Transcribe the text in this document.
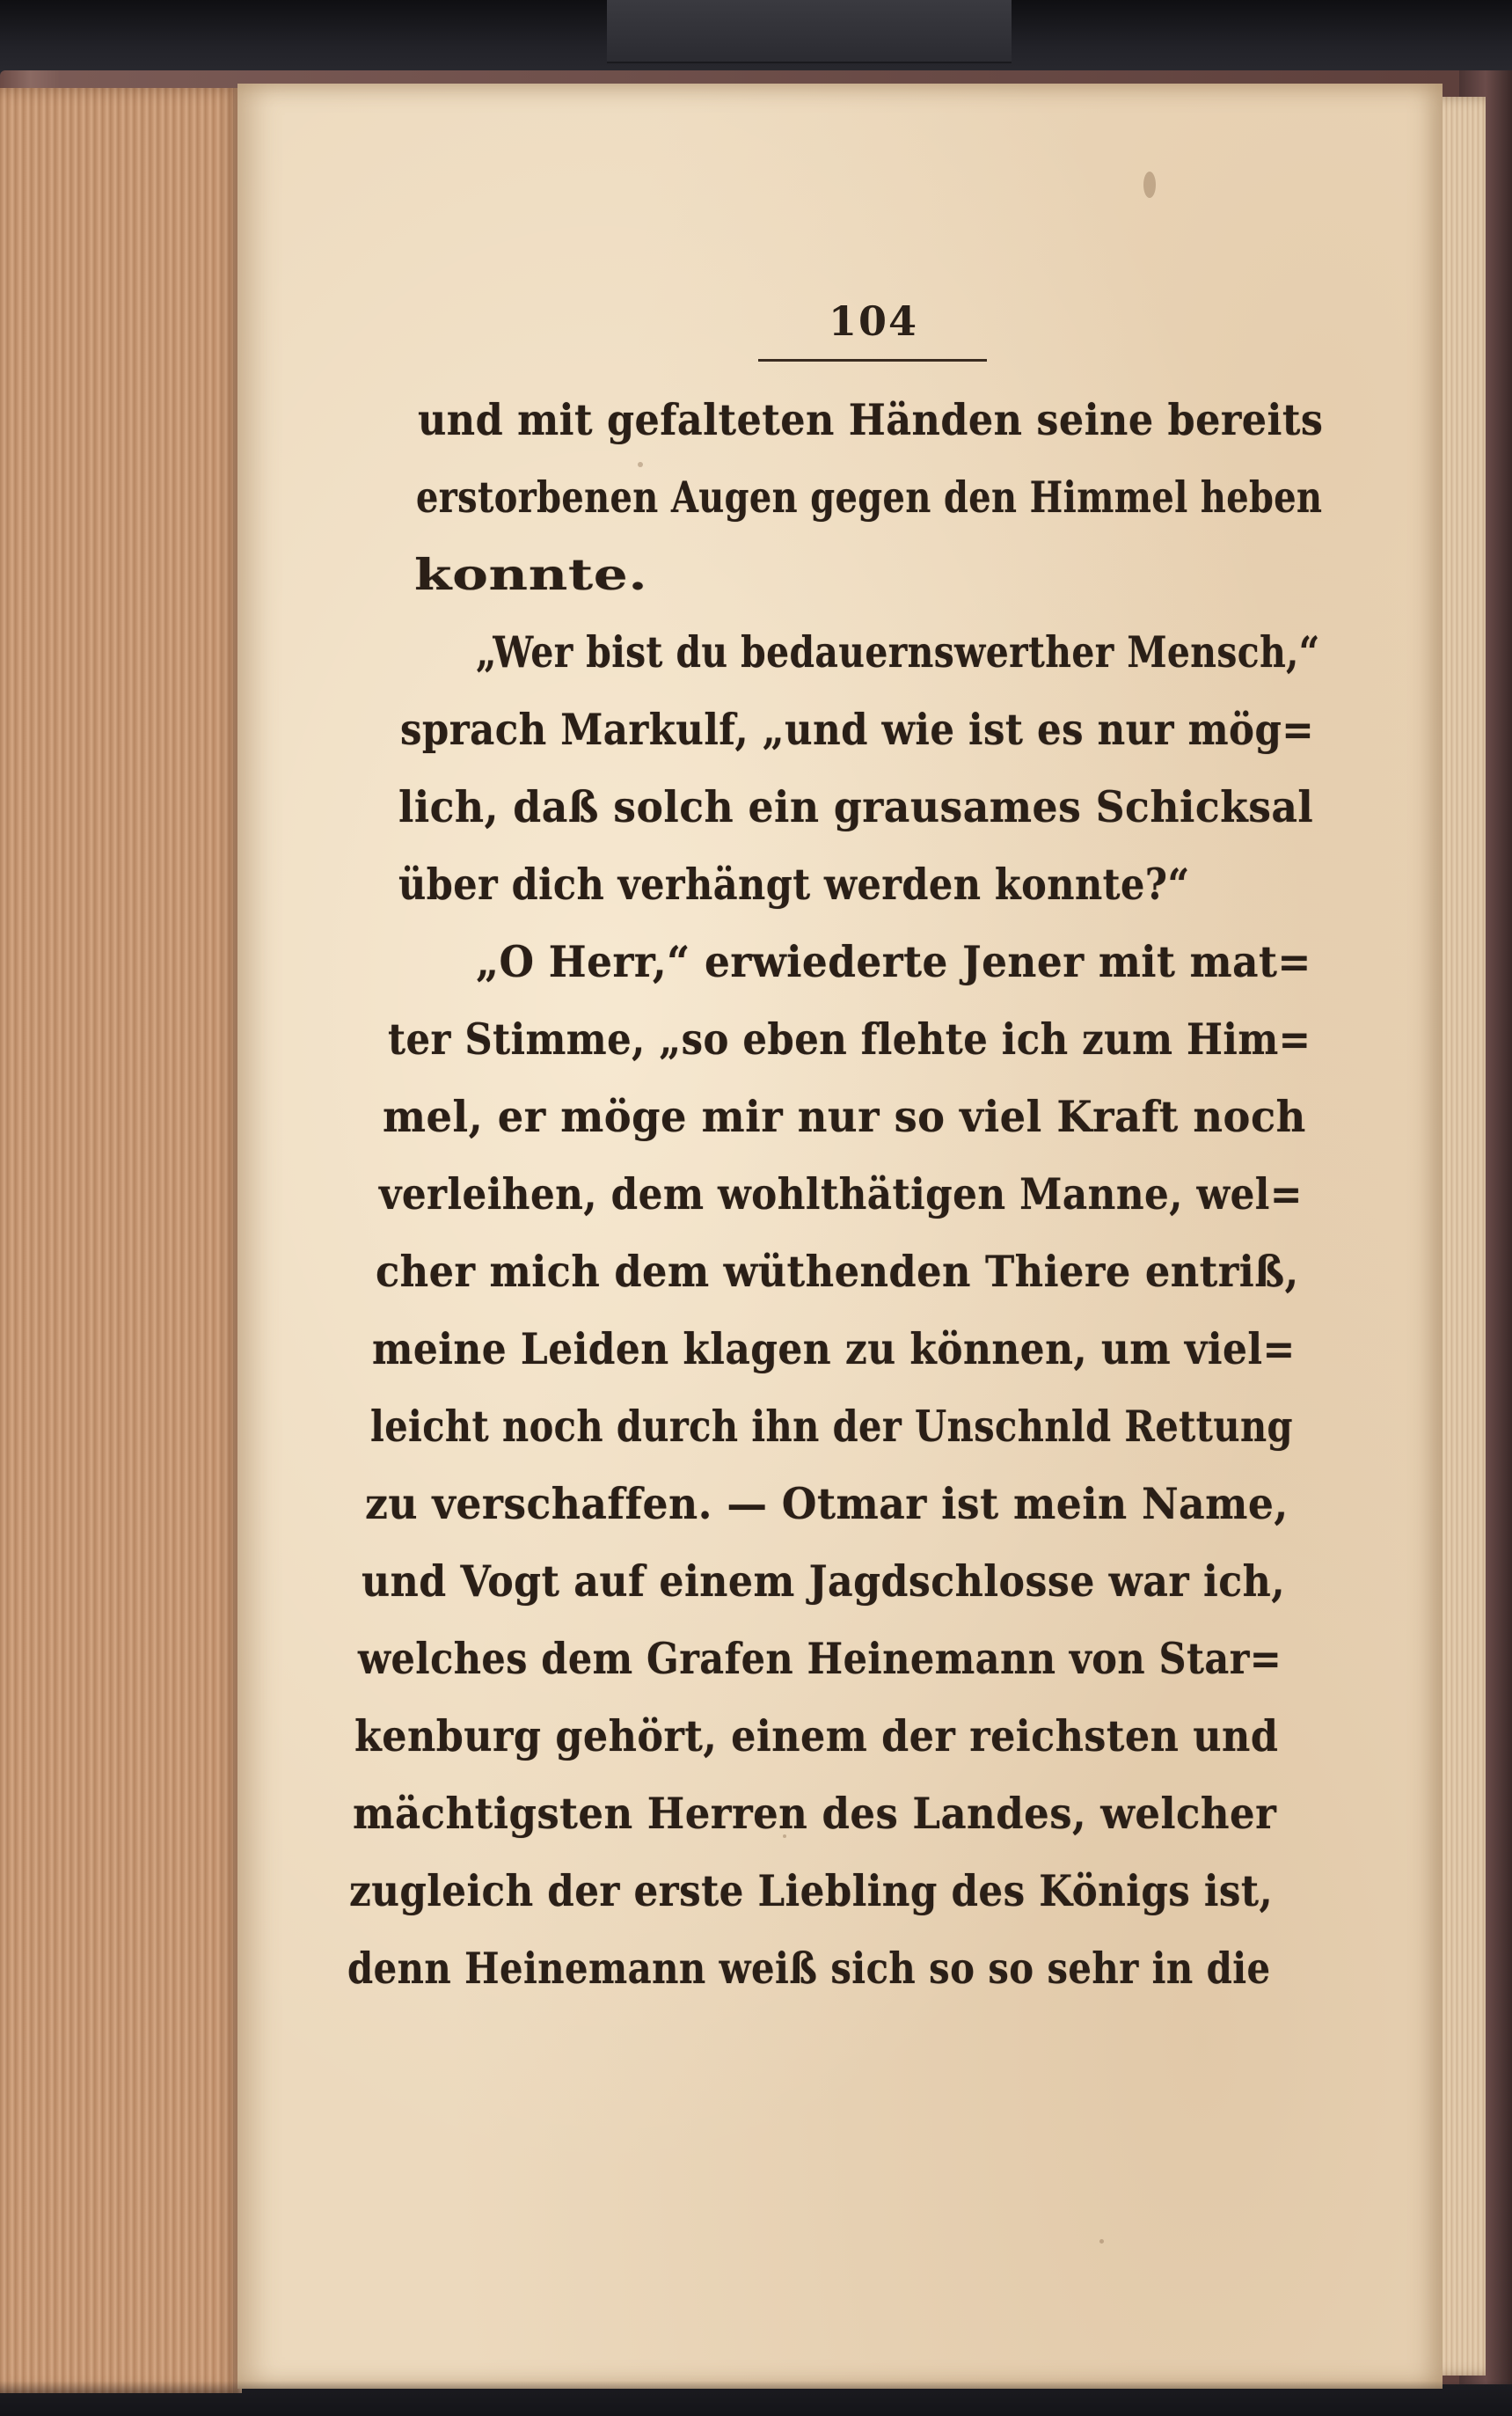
104
und mit gefalteten Händen seine bereits
erstorbenen Augen gegen den Himmel heben
konnte.
„Wer bist du bedauernswerther Mensch,“
sprach Markulf, „und wie ist es nur mög=
lich, daß solch ein grausames Schicksal
über dich verhängt werden konnte?“
„O Herr,“ erwiederte Jener mit mat=
ter Stimme, „so eben flehte ich zum Him=
mel, er möge mir nur so viel Kraft noch
verleihen, dem wohlthätigen Manne, wel=
cher mich dem wüthenden Thiere entriß,
meine Leiden klagen zu können, um viel=
leicht noch durch ihn der Unschnld Rettung
zu verschaffen. — Otmar ist mein Name,
und Vogt auf einem Jagdschlosse war ich,
welches dem Grafen Heinemann von Star=
kenburg gehört, einem der reichsten und
mächtigsten Herren des Landes, welcher
zugleich der erste Liebling des Königs ist,
denn Heinemann weiß sich so so sehr in die
